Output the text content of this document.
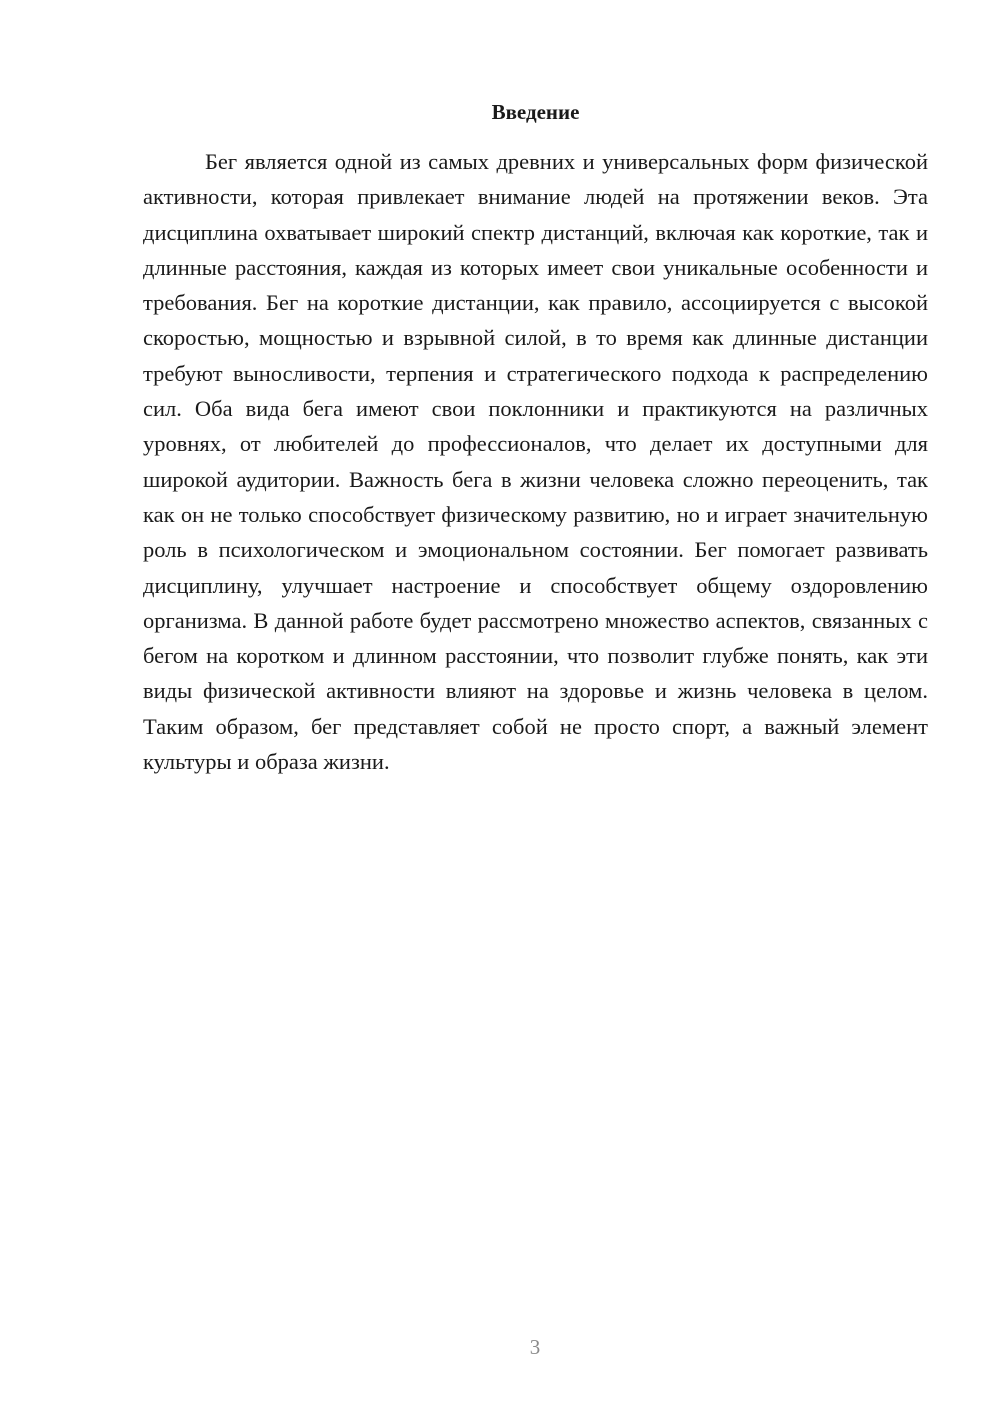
Введение

Бег является одной из самых древних и универсальных форм физической активности, которая привлекает внимание людей на протяжении веков. Эта дисциплина охватывает широкий спектр дистанций, включая как короткие, так и длинные расстояния, каждая из которых имеет свои уникальные особенности и требования. Бег на короткие дистанции, как правило, ассоциируется с высокой скоростью, мощностью и взрывной силой, в то время как длинные дистанции требуют выносливости, терпения и стратегического подхода к распределению сил. Оба вида бега имеют свои поклонники и практикуются на различных уровнях, от любителей до профессионалов, что делает их доступными для широкой аудитории. Важность бега в жизни человека сложно переоценить, так как он не только способствует физическому развитию, но и играет значительную роль в психологическом и эмоциональном состоянии. Бег помогает развивать дисциплину, улучшает настроение и способствует общему оздоровлению организма. В данной работе будет рассмотрено множество аспектов, связанных с бегом на коротком и длинном расстоянии, что позволит глубже понять, как эти виды физической активности влияют на здоровье и жизнь человека в целом. Таким образом, бег представляет собой не просто спорт, а важный элемент культуры и образа жизни.

3
